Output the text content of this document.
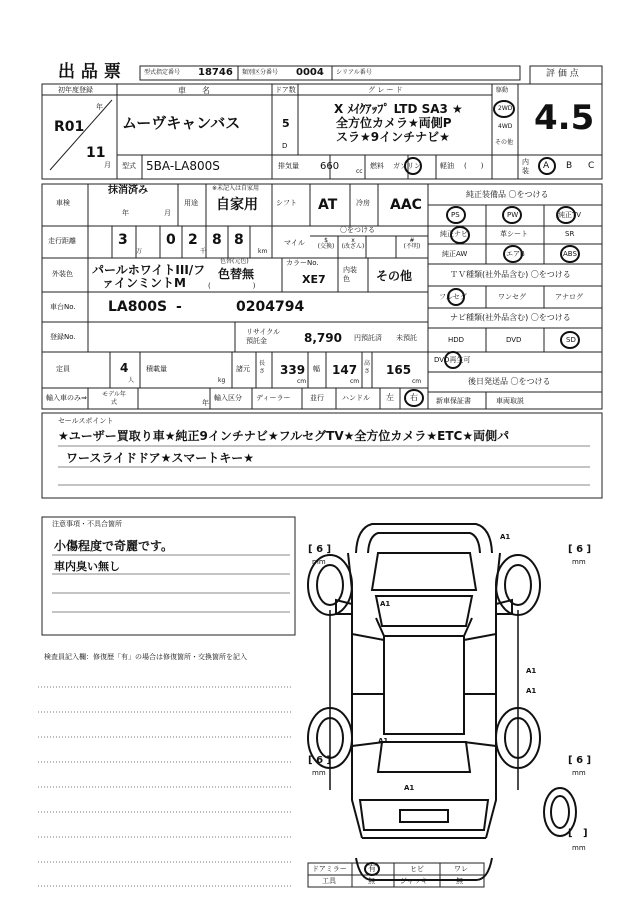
出 品 票	型式指定番号 18746 類別区分番号 0004 シリアル番号	評 価 点
4.5
初年度登録
年
月
R01
11
車　　名
ムーヴキャンバス
ドア数
5
D
グ レ ー ド
X ﾒｲｸｱｯﾌﾟ LTD SA3 ★
全方位カメラ★両側P
スラ★9インチナビ★
駆動
2WD
4WD
その他
型式 5BA-LA800S	排気量 660	cc
燃料 ガソリン	軽油 (　　)	内装 A B C
車検
抹消済み
年	月
用途
※未記入は自家用
自家用	シフト AT	冷房 AAC
走行距離	3	0 2 8 8
万	千	km
マイル
〇をつける
$
(交換)
x
(改ざん)
#
(不明)
外装色 パールホワイトIII/フ
ァインミントM
色替(元色)
色替無
(　　　　　　)
カラーNo.
XE7
内装色	その他
車台No. LA800S -	0204794
登録No.
リサイクル預託金	8,790 円預託済 未預託
定員	4
人
積載量
kg
諸元
長さ	339
cm
幅 147
cm
高さ 165
cm
輸入車のみ⇒	モデル年式	年
輸入区分 ディーラー	並行	ハンドル 左 右
純正装備品 〇をつける
PS	PW	純正TV
純正ナビ	革シート	SR
純正AW	エアB	ABS
ＴＶ種類(社外品含む) 〇をつける
フルセグ	ワンセグ	アナログ
ナビ種類(社外品含む) 〇をつける
HDD	DVD	SD
DVD再生可
後日発送品 〇をつける
新車保証書	車両取説
セールスポイント
★ユーザー買取り車★純正9インチナビ★フルセグTV★全方位カメラ★ETC★両側パ
ワースライドドア★スマートキー★
注意事項・不具合箇所
小傷程度で奇麗です。
車内臭い無し
検査員記入欄：修復歴「有」の場合は修復箇所・交換箇所を記入
[ 6 ]
mm
[ 6 ]
mm
[ 6 ]
mm
[ 6 ]
mm
[   ]
mm
A1
A1
A1
A1
A1
A1
ドアミラー	有	ヒビ	ワレ
工具	無	ジャッキ	無
